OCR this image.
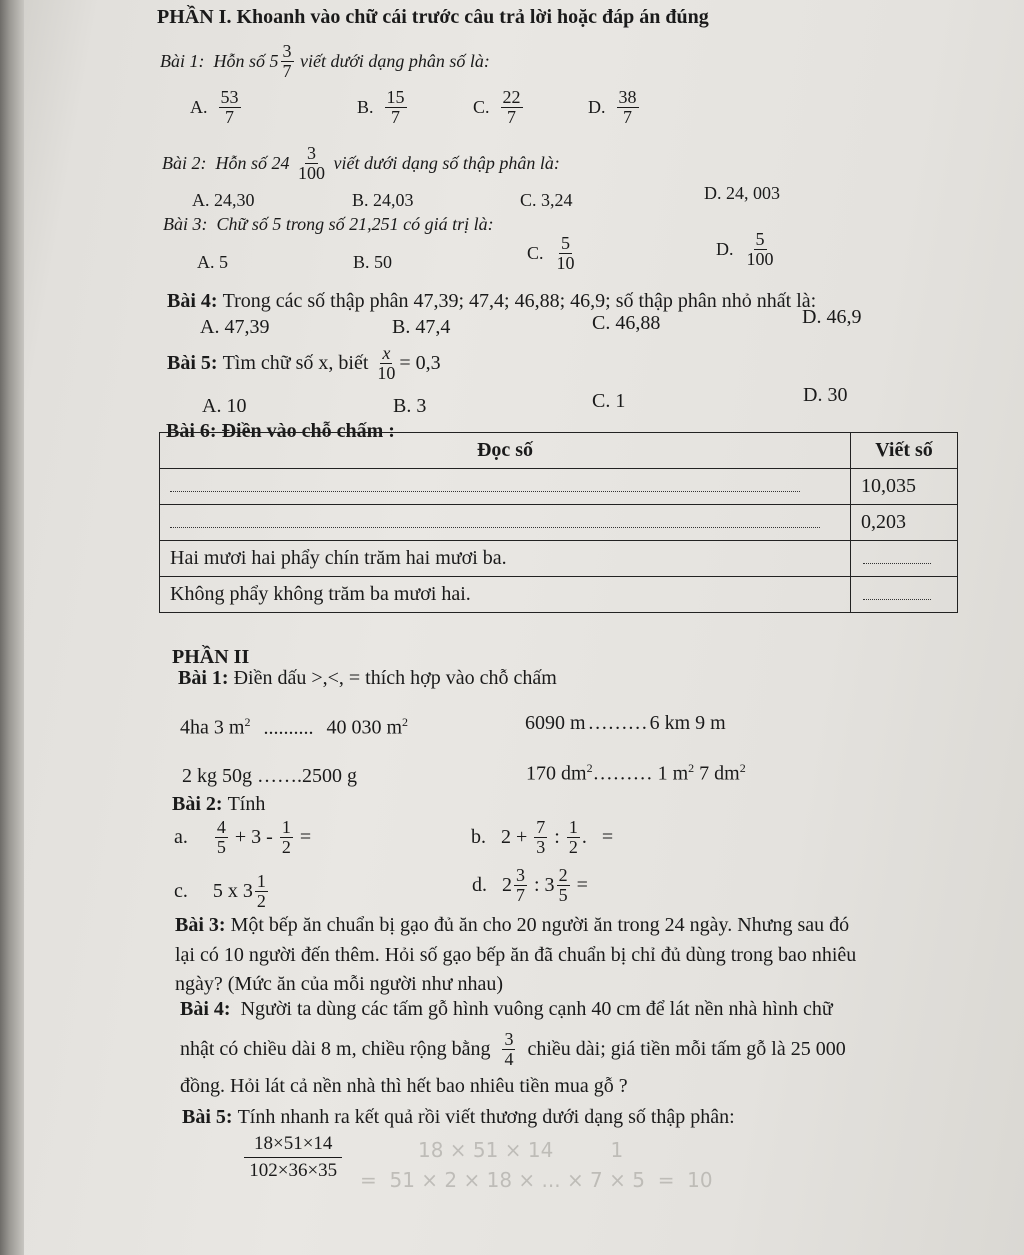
18 × 51 × 14         1
=  51 × 2 × 18 × ... × 7 × 5  =  10
PHẦN I. Khoanh vào chữ cái trước câu trả lời hoặc đáp án đúng
Bài 1:
Hỗn số $5 \frac{3}{7}$
viết dưới dạng phân số là:
A.
$\frac{53}{7}$	B.
$\frac{15}{7}$	C.
$\frac{22}{7}$	D.
$\frac{38}{7}$
Bài 2:
Hỗn số 24
$\frac{3}{100}$
viết dưới dạng số thập phân là:
A. 24,30	B. 24,03	C. 3,24	D. 24, 003
Bài 3: Chữ số 5 trong số 21,251 có giá trị là:
A. 5	B. 50	C.
$\frac{5}{10}$	D.
$\frac{5}{100}$
Bài 4: Trong các số thập phân 47,39; 47,4; 46,88; 46,9; số thập phân nhỏ nhất là:
A. 47,39	B. 47,4	C. 46,88	D. 46,9
Bài 5:
Tìm chữ số x, biết
$\frac{x}{10} = 0,3$
A. 10	B. 3	C. 1	D. 30
Bài 6: Điền vào chỗ chấm :
Đọc số	Viết số
	10,035
	0,203
Hai mươi hai phẩy chín trăm hai mươi ba.	
Không phẩy không trăm ba mươi hai.	
PHẦN II
Bài 1: Điền dấu >,<, = thích hợp vào chỗ chấm
4ha 3 $m^2$ .......... 40 030 $m^2$	6090 m ……… 6 km 9 m
2 kg 50g …….2500 g	170 $dm^2\dots\dots\dots$ 1 $m^2$ 7 $dm^2$
Bài 2: Tính
a.
$\frac{4}{5} + 3 - \frac{1}{2}$ =	b. $2 + \frac{7}{3}$ : $\frac{1}{2}$ .   =
c. 5 x $3 \frac{1}{2}$	d. $2 \frac{3}{7}$ : $3 \frac{2}{5}$ =
Bài 3: Một bếp ăn chuẩn bị gạo đủ ăn cho 20 người ăn trong 24 ngày. Nhưng sau đó
lại có 10 người đến thêm. Hỏi số gạo bếp ăn đã chuẩn bị chỉ đủ dùng trong bao nhiêu
ngày? (Mức ăn của mỗi người như nhau)
Bài 4: Người ta dùng các tấm gỗ hình vuông cạnh 40 cm để lát nền nhà hình chữ
nhật có chiều dài 8 m, chiều rộng bằng
$\frac{3}{4}$
chiều dài; giá tiền mỗi tấm gỗ là 25 000
đồng. Hỏi lát cả nền nhà thì hết bao nhiêu tiền mua gỗ ?
Bài 5: Tính nhanh ra kết quả rồi viết thương dưới dạng số thập phân:
$\frac{18\times 51\times 14}{102\times 36\times 35}$
